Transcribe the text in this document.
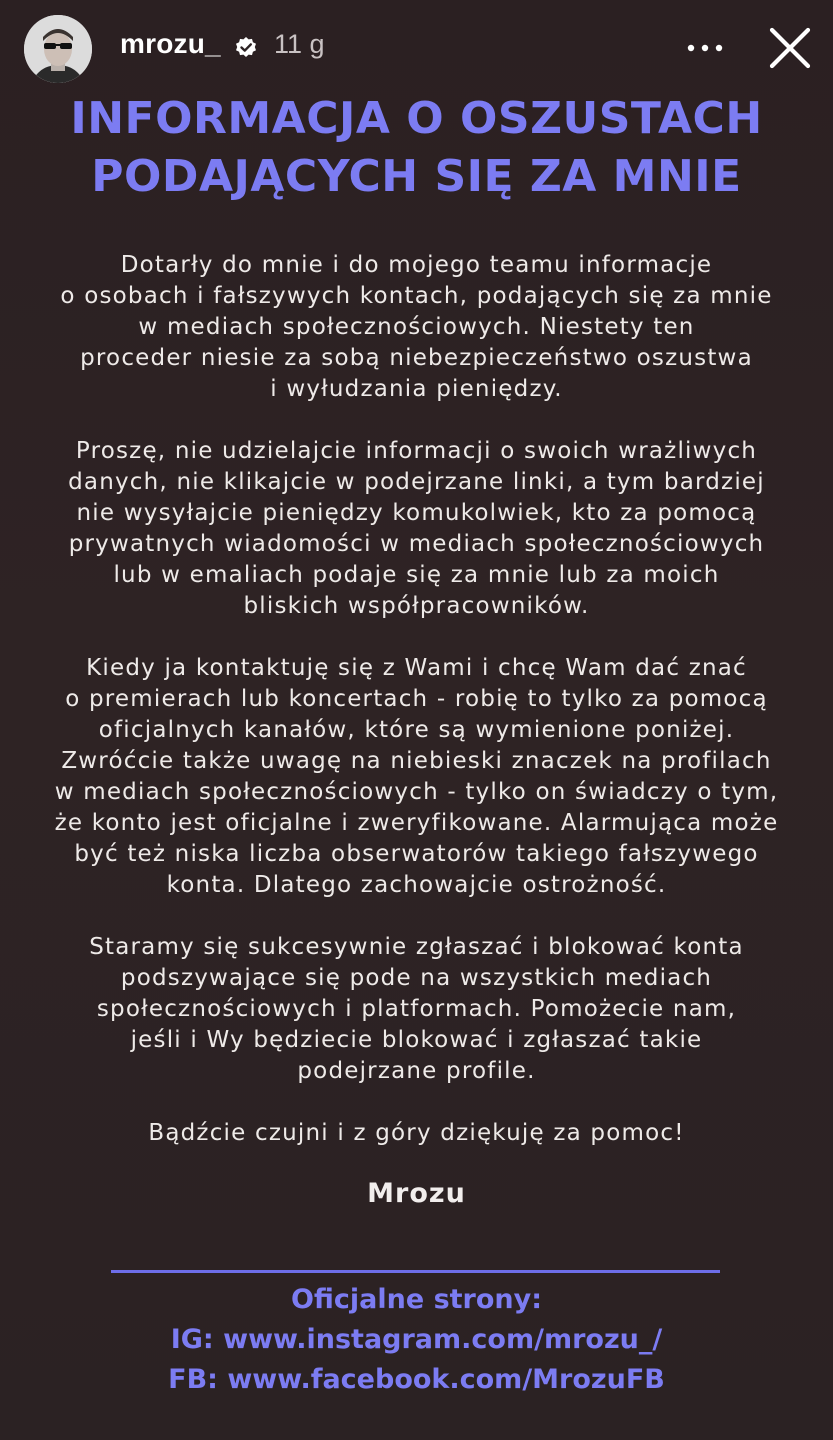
mrozu_ 11 g
INFORMACJA O OSZUSTACH
PODAJĄCYCH SIĘ ZA MNIE
Dotarły do mnie i do mojego teamu informacje
o osobach i fałszywych kontach, podających się za mnie
w mediach społecznościowych. Niestety ten
proceder niesie za sobą niebezpieczeństwo oszustwa
i wyłudzania pieniędzy.
Proszę, nie udzielajcie informacji o swoich wrażliwych
danych, nie klikajcie w podejrzane linki, a tym bardziej
nie wysyłajcie pieniędzy komukolwiek, kto za pomocą
prywatnych wiadomości w mediach społecznościowych
lub w emaliach podaje się za mnie lub za moich
bliskich współpracowników.
Kiedy ja kontaktuję się z Wami i chcę Wam dać znać
o premierach lub koncertach - robię to tylko za pomocą
oficjalnych kanałów, które są wymienione poniżej.
Zwróćcie także uwagę na niebieski znaczek na profilach
w mediach społecznościowych - tylko on świadczy o tym,
że konto jest oficjalne i zweryfikowane. Alarmująca może
być też niska liczba obserwatorów takiego fałszywego
konta. Dlatego zachowajcie ostrożność.
Staramy się sukcesywnie zgłaszać i blokować konta
podszywające się pode na wszystkich mediach
społecznościowych i platformach. Pomożecie nam,
jeśli i Wy będziecie blokować i zgłaszać takie
podejrzane profile.
Bądźcie czujni i z góry dziękuję za pomoc!
Mrozu
Oficjalne strony:
IG: www.instagram.com/mrozu_/
FB: www.facebook.com/MrozuFB
